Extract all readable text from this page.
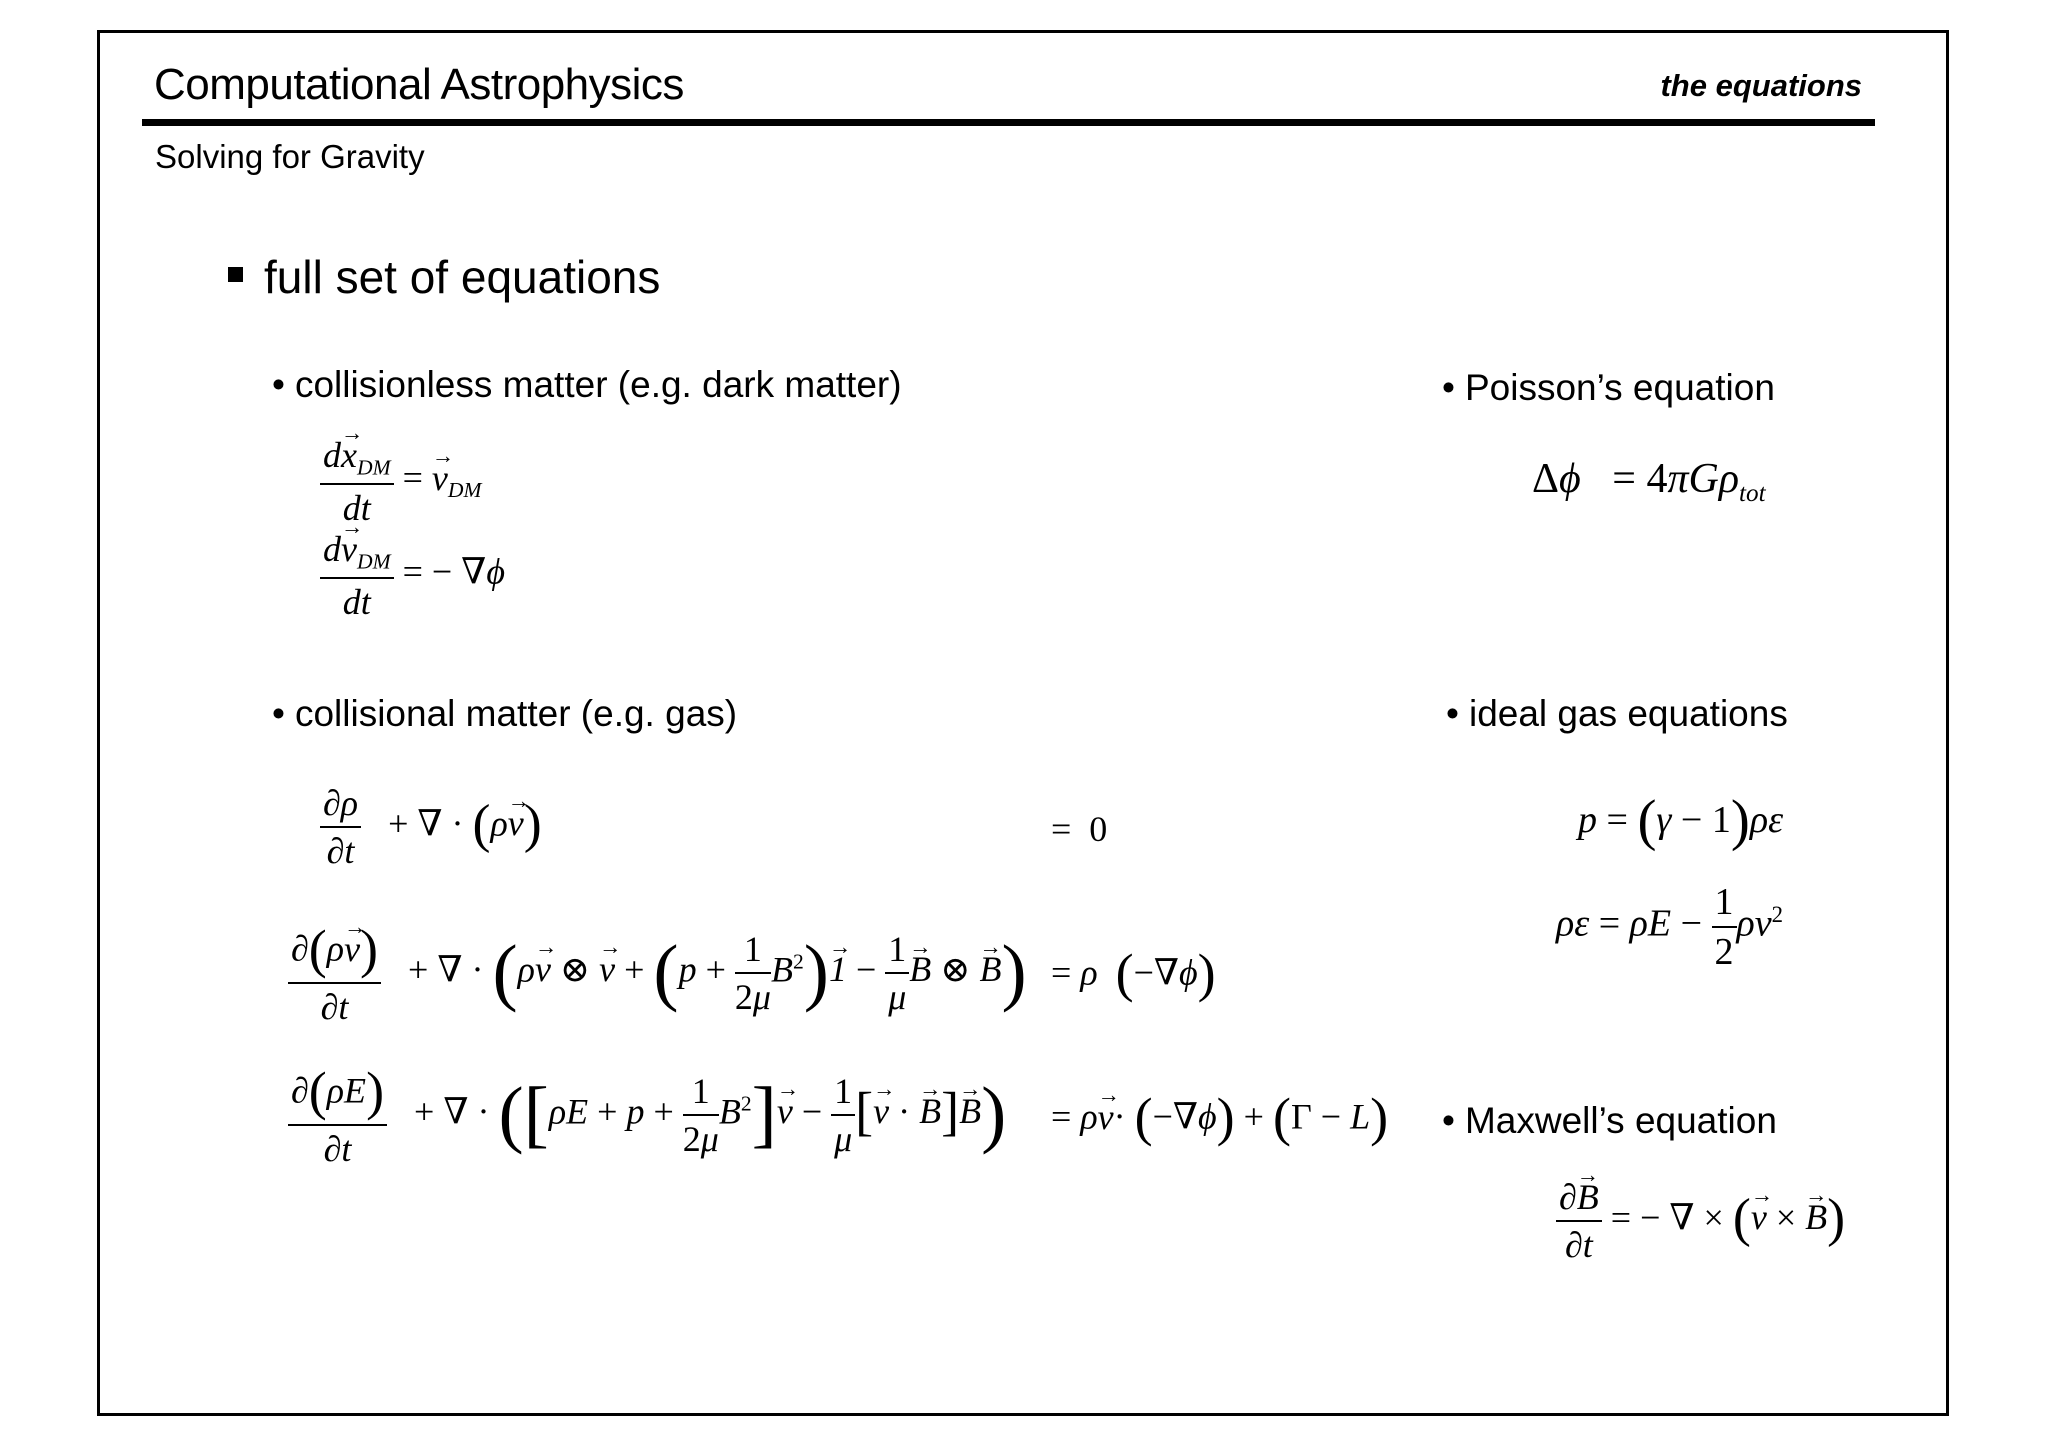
Computational Astrophysics	the equations
Solving for Gravity
full set of equations
• collisionless matter (e.g. dark matter)
$\frac{d\to x_{DM}}{dt}$ = → $v_{DM}$
$\frac{d\to v_{DM}}{dt}$ = − ∇ϕ
• Poisson’s equation
Δϕ   = 4πGρ$_{tot}$
• collisional matter (e.g. gas)
$\frac{\partial\rho}{\partial t}$ + ∇ · (ρ→ v)	=  0
$\frac{\partial(\rho\to v)}{\partial t}$ + ∇ · (ρ→ v ⊗ → $v + (p + \frac{1}{2\mu} B^2)\to 1 - \frac{1}{\mu}$
→ B ⊗ → B) = ρ (−∇ϕ)
$\frac{\partial(\rho E)}{\partial t}$ + ∇ · ($[\rho E + p + \frac{1}{2\mu} B^2]\to v - \frac{1}{\mu}$ [→ v · → B]→ B) = ρ→ v· (−∇ϕ) + (Γ − L)
• ideal gas equations
p = (γ − 1)ρε
$\rho\varepsilon = \rho E - \frac{1}{2} \rho v^2$
• Maxwell’s equation
$\frac{\partial\to B}{\partial t}$ = − ∇ × (→ v × → B)
